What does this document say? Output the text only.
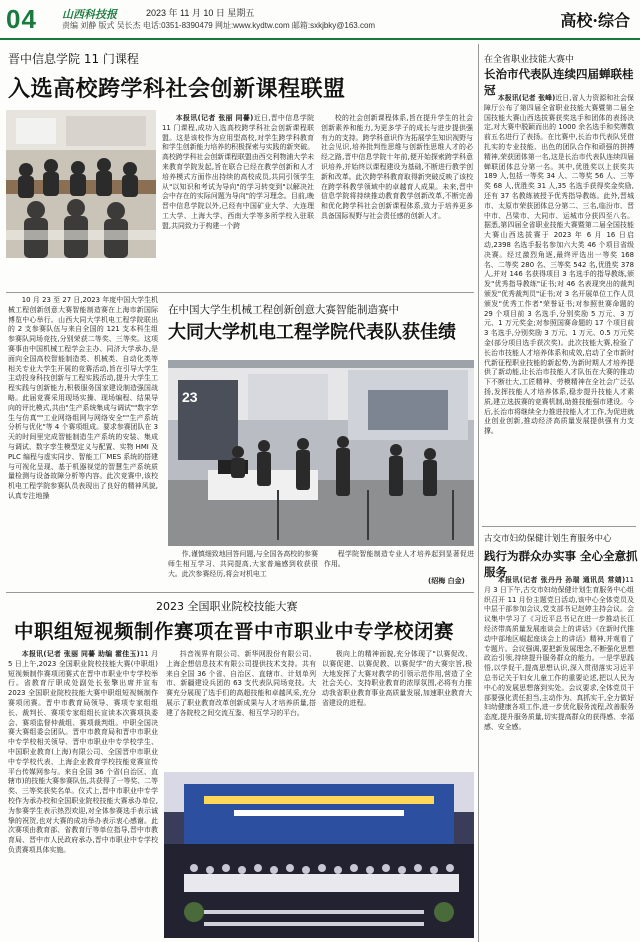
04 山西科技报	2023 年 11 月 10 日 星期五
责编 刘静 版式 吴长杰 电话:0351-8390479 网址:www.kydtw.com 邮箱:sxkjbky@163.com	高校·综合
晋中信息学院 11 门课程
入选高校跨学科社会创新课程联盟

本报讯(记者 张丽 同謩)近日,晋中信息学院 11 门课程,成功入选高校跨学科社会创新课程联盟。这是该校作为应用型高校,对学生跨学科教育和学生创新能力培养的积极探索与实践的新突破。高校跨学科社会创新课程联盟由西交利物浦大学未来教育学院发起,旨在联合已经在教学创新和人才培养模式方面作出持续的高校成员,共同引领学生从"以知识和考试为导向"的学习转变到"以解决社会中存在的实际问题为导向"的学习理念。目前,晚晋中信息学院以外,已经有中国矿业大学、大连理工大学、上海大学、西南大学等多所学校入驻联盟,共同致力于构建一个跨

校的社会创新课程体系,旨在提升学生的社会创新素养和能力,为更多学子的成长与进步提供强有力的支持。跨学科意识作为拓展学生知识视野与社会见识,培养批判性思维与创新性思维人才的必经之路,晋中信息学院十年前,便开始探索跨学科意识培养,并始终以课程建设为基础,不断进行教学创新和改革。此次跨学科教育取得新突破反映了该校在跨学科教学领域中的卓越育人成果。未来,晋中信息学院将持续推动教育教学创新改革,不断完善和优化跨学科社会创新课程体系,致力于培养更多具备国际视野与社会责任感的创新人才。

10 月 23 至 27 日,2023 年度中国大学生机械工程创新创意大赛智能制造赛在上海市新国际博览中心举行。山西大同大学机电工程学院联出的 2 支参赛队伍与来自全国的 121 支本科生组参赛队同场竞技,分别荣获二等奖、三等奖。这项赛事由中国机械工程学会主办、同济大学承办,是面向全国高校智能制造类、机械类、自动化类等相关专业大学生开展的竞赛活动,旨在引导大学生主动投身科技创新与工程实践活动,提升大学生工程实践与创新能力,积极服务国家建设制造强国战略。此届竞赛采用现场实操、现场编程、结果导向的评比模式,共由"生产系统集成与调试""数字孪生与仿真""工业网络组网与网络安全""生产系统分析与优化"等 4 个赛项组成。要求参赛团队在 3 天的时间里完成智能制造生产系统的安装、集成与调试、数字孪生模型定义与配置、实物 HMI 及 PLC 编程与虚实同步、智能工厂MES 系统的搭建与可视化呈现、基于机器视觉的智慧生产系统质量检测与设备故障分析等内容。此次竞赛中,该校机电工程学院参赛队员表现出了良好的精神风貌,认真专注地操

在中国大学生机械工程创新创意大赛智能制造赛中
大同大学机电工程学院代表队获佳绩
23

作,谨慎细致地回答问题,与全国各高校的参赛师生相互学习、共同提高,大家普遍感到收获很大。此次参赛经历,将会对机电工

程学院智能制造专业人才培养起到显著促进作用。

(绍梅 白金)
2023 全国职业院校技能大赛
中职组短视频制作赛项在晋中市职业中专学校闭赛

本报讯(记者 张丽 同謩 助编 霍佳玉)11 月 5 日上午,2023 全国职业院校技能大赛(中职组)短视频制作赛项闭赛式在晋中市职业中专学校举行。省教育厅职成处副处长张擎出席并宣布 2023 全国职业院校技能大赛中职组短视频制作赛项闭赛。晋中市教育局领导、赛项专家组组长、裁判长、赛项专家组组长宣读本次赛项执委会、赛项监督仲裁组、赛项裁判组。中职全国决赛大赛组委会团队。晋中市教育局和晋中市职业中专学校相关领导、晋中市职业中专学校学生、中国职业教育(上海)有限公司、全国晋中市职业中专学校代表、上海企业教育学校技能竞赛宣传平台传媒网参与。来自全国 36 个省(自治区、直辖市)的技能大赛参赛队伍,共获得了一等奖、二等奖、三等奖获奖名单。仪式上,晋中市职业中专学校作为承办校和全国职业院校技能大赛承办单位,为参赛学生表示热烈欢迎,对全体参赛选手表示诚挚的祝贺,也对大赛的成功举办表示衷心感谢。此次赛项由教育部、省教育厅等单位指导,晋中市教育局、晋中市人民政府承办,晋中市职业中专学校负责赛项具体实施。

抖音视界有限公司、新华网股份有限公司、上海企想信息技术有限公司提供技术支持。共有来自全国 36 个省、自治区、直辖市、计划单列市、新疆建设兵团的 63 支代表队同场竞技。大赛充分展现了选手们的高超技能和卓越风采,充分展示了职业教育改革创新成果与人才培养质量,搭建了各院校之间交流互鉴、相互学习的平台。

极向上的精神面貌,充分体现了"以赛促改、以赛促建、以赛促教、以赛促学"的大赛宗旨,极大地发挥了大赛对教学的引领示范作用,营造了全社会关心、支持职业教育的浓厚氛围,必将有力推动我省职业教育事业高质量发展,加速职业教育大省建设的进程。

在全省职业技能大赛中
长治市代表队连续四届蝉联桂冠

本报讯(记者 张峰)近日,省人力资源和社会保障厅公布了第四届全省职业技能大赛暨第二届全国技能大赛山西选拔赛获奖选手和团体的表扬决定,对大赛中脱颖而出的 1000 余名选手和奖牌数前五名进行了表扬。在比赛中,长治市代表队凭借扎实的专业技能、出色的团队合作和顽强的拼搏精神,荣获团体第一名,这是长治市代表队连续四届蝉联团体总分第一名。其中,优胜奖以上获奖共 189 人,包括一等奖 34 人、二等奖 56 人、三等奖 68 人,优胜奖 31 人,35 名选手获得奖金奖励,还有 37 名教练被授予优秀指导教练。此外,晋城市、太原市荣获团体总分第二、三名,临汾市、晋中市、吕梁市、大同市、运城市分获四至八名。据悉,第四届全省职业技能大赛暨第二届全国技能大赛山西选拔赛于 2023 年 6 月 16 日启动,2398 名选手报名参加六大类 46 个项目省级决赛。经过激烈角逐,最终评选出一等奖 168 名、二等奖 280 名、三等奖 542 名,优胜奖 378 人,并对 146 名获得项目 3 名选手的指导教练,颁发"优秀指导教练"证书;对 46 名表现突出的裁判颁发"优秀裁判员"证书;对 3 名开展单位工作人员颁发"优秀工作者"荣誉证书;对参照世赛命题的 29 个项目前 3 名选手,分别奖励 5 万元、3 万元、1 万元奖金;对参照国赛命题的 17 个项目前 3 名选手,分别奖励 3 万元、1 万元、0.5 万元奖金(部分项目选手获次奖)。此次技能大赛,检验了长治市技能人才培养体系和成效,启动了全市新时代新征程职业技能的新起势,为新时期人才培养提供了新动能,让长治市技能人才队伍在大赛的推动下不断壮大,工匠精神、劳模精神在全社会广泛弘扬,发挥技能人才培养体系,稳步提升技能人才素质,建立选拔赛的竞赛机制,助推技能强市建设。今后,长治市将继续全力推进技能人才工作,为促进就业创业创新,推动经济高质量发展提供强有力支撑。

古交市妇幼保健计划生育服务中心
践行为群众办实事 全心全意抓服务

本报讯(记者 张丹丹 孙瑞 通讯员 常婧)11 月 3 日下午,古交市妇幼保健计划生育服务中心组织召开 11 月份主题党日活动,该中心全体党员及中层干部参加会议,党支部书记赵婷主持会议。会议集中学习了《习近平总书记在进一步推动长江经济带高质量发展座谈会上的讲话》《在新时代推动中部地区崛起座谈会上的讲话》精神,并观看了专题片。会议强调,要把新发展理念,不断强化思想政治引领,持续提升服务群众的能力。一是学思践悟,以学促干,提高思想认识,深入贯彻落实习近平总书记关于妇女儿童工作的重要论述,把以人民为中心的发展思想落到实处。会议要求,全体党员干部要强化责任担当,主动作为、真抓实干,全力做好妇幼健康各项工作,进一步优化服务流程,改善服务态度,提升服务质量,切实提高群众的获得感、幸福感、安全感。
